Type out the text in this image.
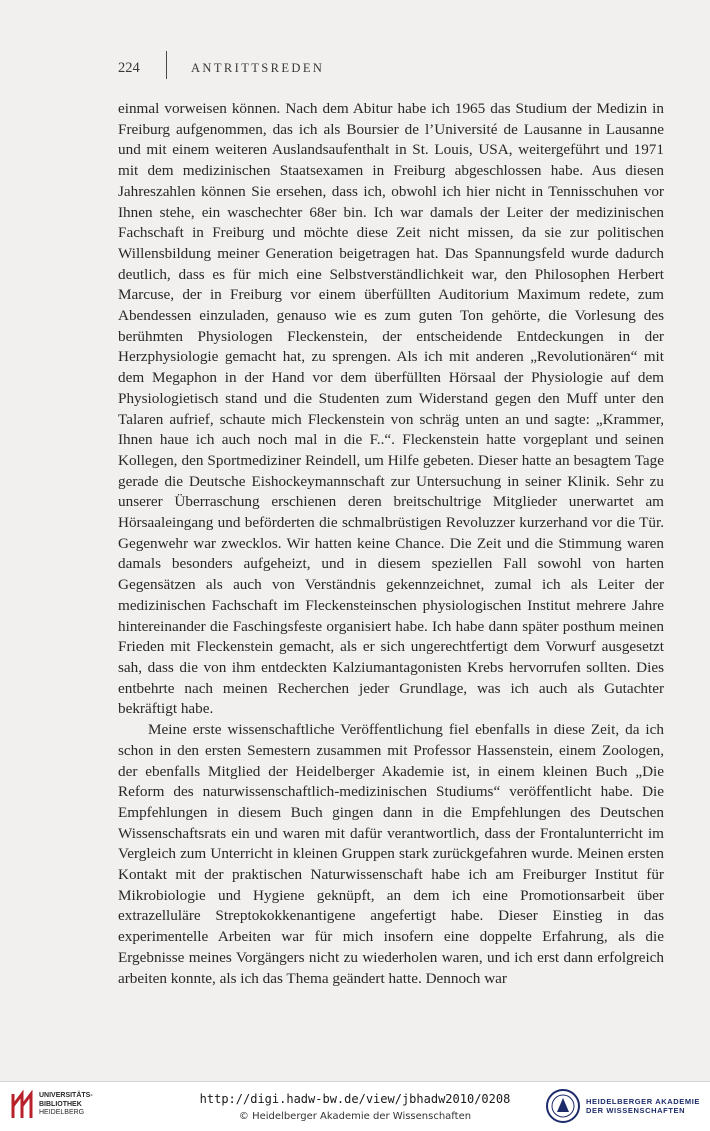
224	ANTRITTSREDEN

einmal vorweisen können. Nach dem Abitur habe ich 1965 das Studium der Medizin in Freiburg aufgenommen, das ich als Boursier de l’Université de Lausanne in Lausanne und mit einem weiteren Auslandsaufenthalt in St. Louis, USA, weitergeführt und 1971 mit dem medizinischen Staatsexamen in Freiburg abgeschlossen habe. Aus diesen Jahreszahlen können Sie ersehen, dass ich, obwohl ich hier nicht in Tennisschuhen vor Ihnen stehe, ein waschechter 68er bin. Ich war damals der Leiter der medizinischen Fachschaft in Freiburg und möchte diese Zeit nicht missen, da sie zur politischen Willensbildung meiner Generation beigetragen hat. Das Spannungsfeld wurde dadurch deutlich, dass es für mich eine Selbstverständlichkeit war, den Philosophen Herbert Marcuse, der in Freiburg vor einem überfüllten Auditorium Maximum redete, zum Abendessen einzuladen, genauso wie es zum guten Ton gehörte, die Vorlesung des berühmten Physiologen Fleckenstein, der entscheidende Entdeckungen in der Herzphysiologie gemacht hat, zu sprengen. Als ich mit anderen „Revolutionären“ mit dem Megaphon in der Hand vor dem überfüllten Hörsaal der Physiologie auf dem Physiologietisch stand und die Studenten zum Widerstand gegen den Muff unter den Talaren aufrief, schaute mich Fleckenstein von schräg unten an und sagte: „Krammer, Ihnen haue ich auch noch mal in die F..“. Fleckenstein hatte vorgeplant und seinen Kollegen, den Sportmediziner Reindell, um Hilfe gebeten. Dieser hatte an besagtem Tage gerade die Deutsche Eishockeymannschaft zur Untersuchung in seiner Klinik. Sehr zu unserer Überraschung erschienen deren breitschultrige Mitglieder unerwartet am Hörsaaleingang und beförderten die schmalbrüstigen Revoluzzer kurzerhand vor die Tür. Gegenwehr war zwecklos. Wir hatten keine Chance. Die Zeit und die Stimmung waren damals besonders aufgeheizt, und in diesem speziellen Fall sowohl von harten Gegensätzen als auch von Verständnis gekennzeichnet, zumal ich als Leiter der medizinischen Fachschaft im Fleckensteinschen physiologischen Institut mehrere Jahre hintereinander die Faschingsfeste organisiert habe. Ich habe dann später posthum meinen Frieden mit Fleckenstein gemacht, als er sich ungerechtfertigt dem Vorwurf ausgesetzt sah, dass die von ihm entdeckten Kalziumantagonisten Krebs hervorrufen sollten. Dies entbehrte nach meinen Recherchen jeder Grundlage, was ich auch als Gutachter bekräftigt habe.

Meine erste wissenschaftliche Veröffentlichung fiel ebenfalls in diese Zeit, da ich schon in den ersten Semestern zusammen mit Professor Hassenstein, einem Zoologen, der ebenfalls Mitglied der Heidelberger Akademie ist, in einem kleinen Buch „Die Reform des naturwissenschaftlich-medizinischen Studiums“ veröffentlicht habe. Die Empfehlungen in diesem Buch gingen dann in die Empfehlungen des Deutschen Wissenschaftsrats ein und waren mit dafür verantwortlich, dass der Frontalunterricht im Vergleich zum Unterricht in kleinen Gruppen stark zurückgefahren wurde. Meinen ersten Kontakt mit der praktischen Naturwissenschaft habe ich am Freiburger Institut für Mikrobiologie und Hygiene geknüpft, an dem ich eine Promotionsarbeit über extrazelluläre Streptokokkenantigene angefertigt habe. Dieser Einstieg in das experimentelle Arbeiten war für mich insofern eine doppelte Erfahrung, als die Ergebnisse meines Vorgängers nicht zu wiederholen waren, und ich erst dann erfolgreich arbeiten konnte, als ich das Thema geändert hatte. Dennoch war

UNIVERSITÄTS-
BIBLIOTHEK
HEIDELBERG
http://digi.hadw-bw.de/view/jbhadw2010/0208
© Heidelberger Akademie der Wissenschaften
HEIDELBERGER AKADEMIE
DER WISSENSCHAFTEN
